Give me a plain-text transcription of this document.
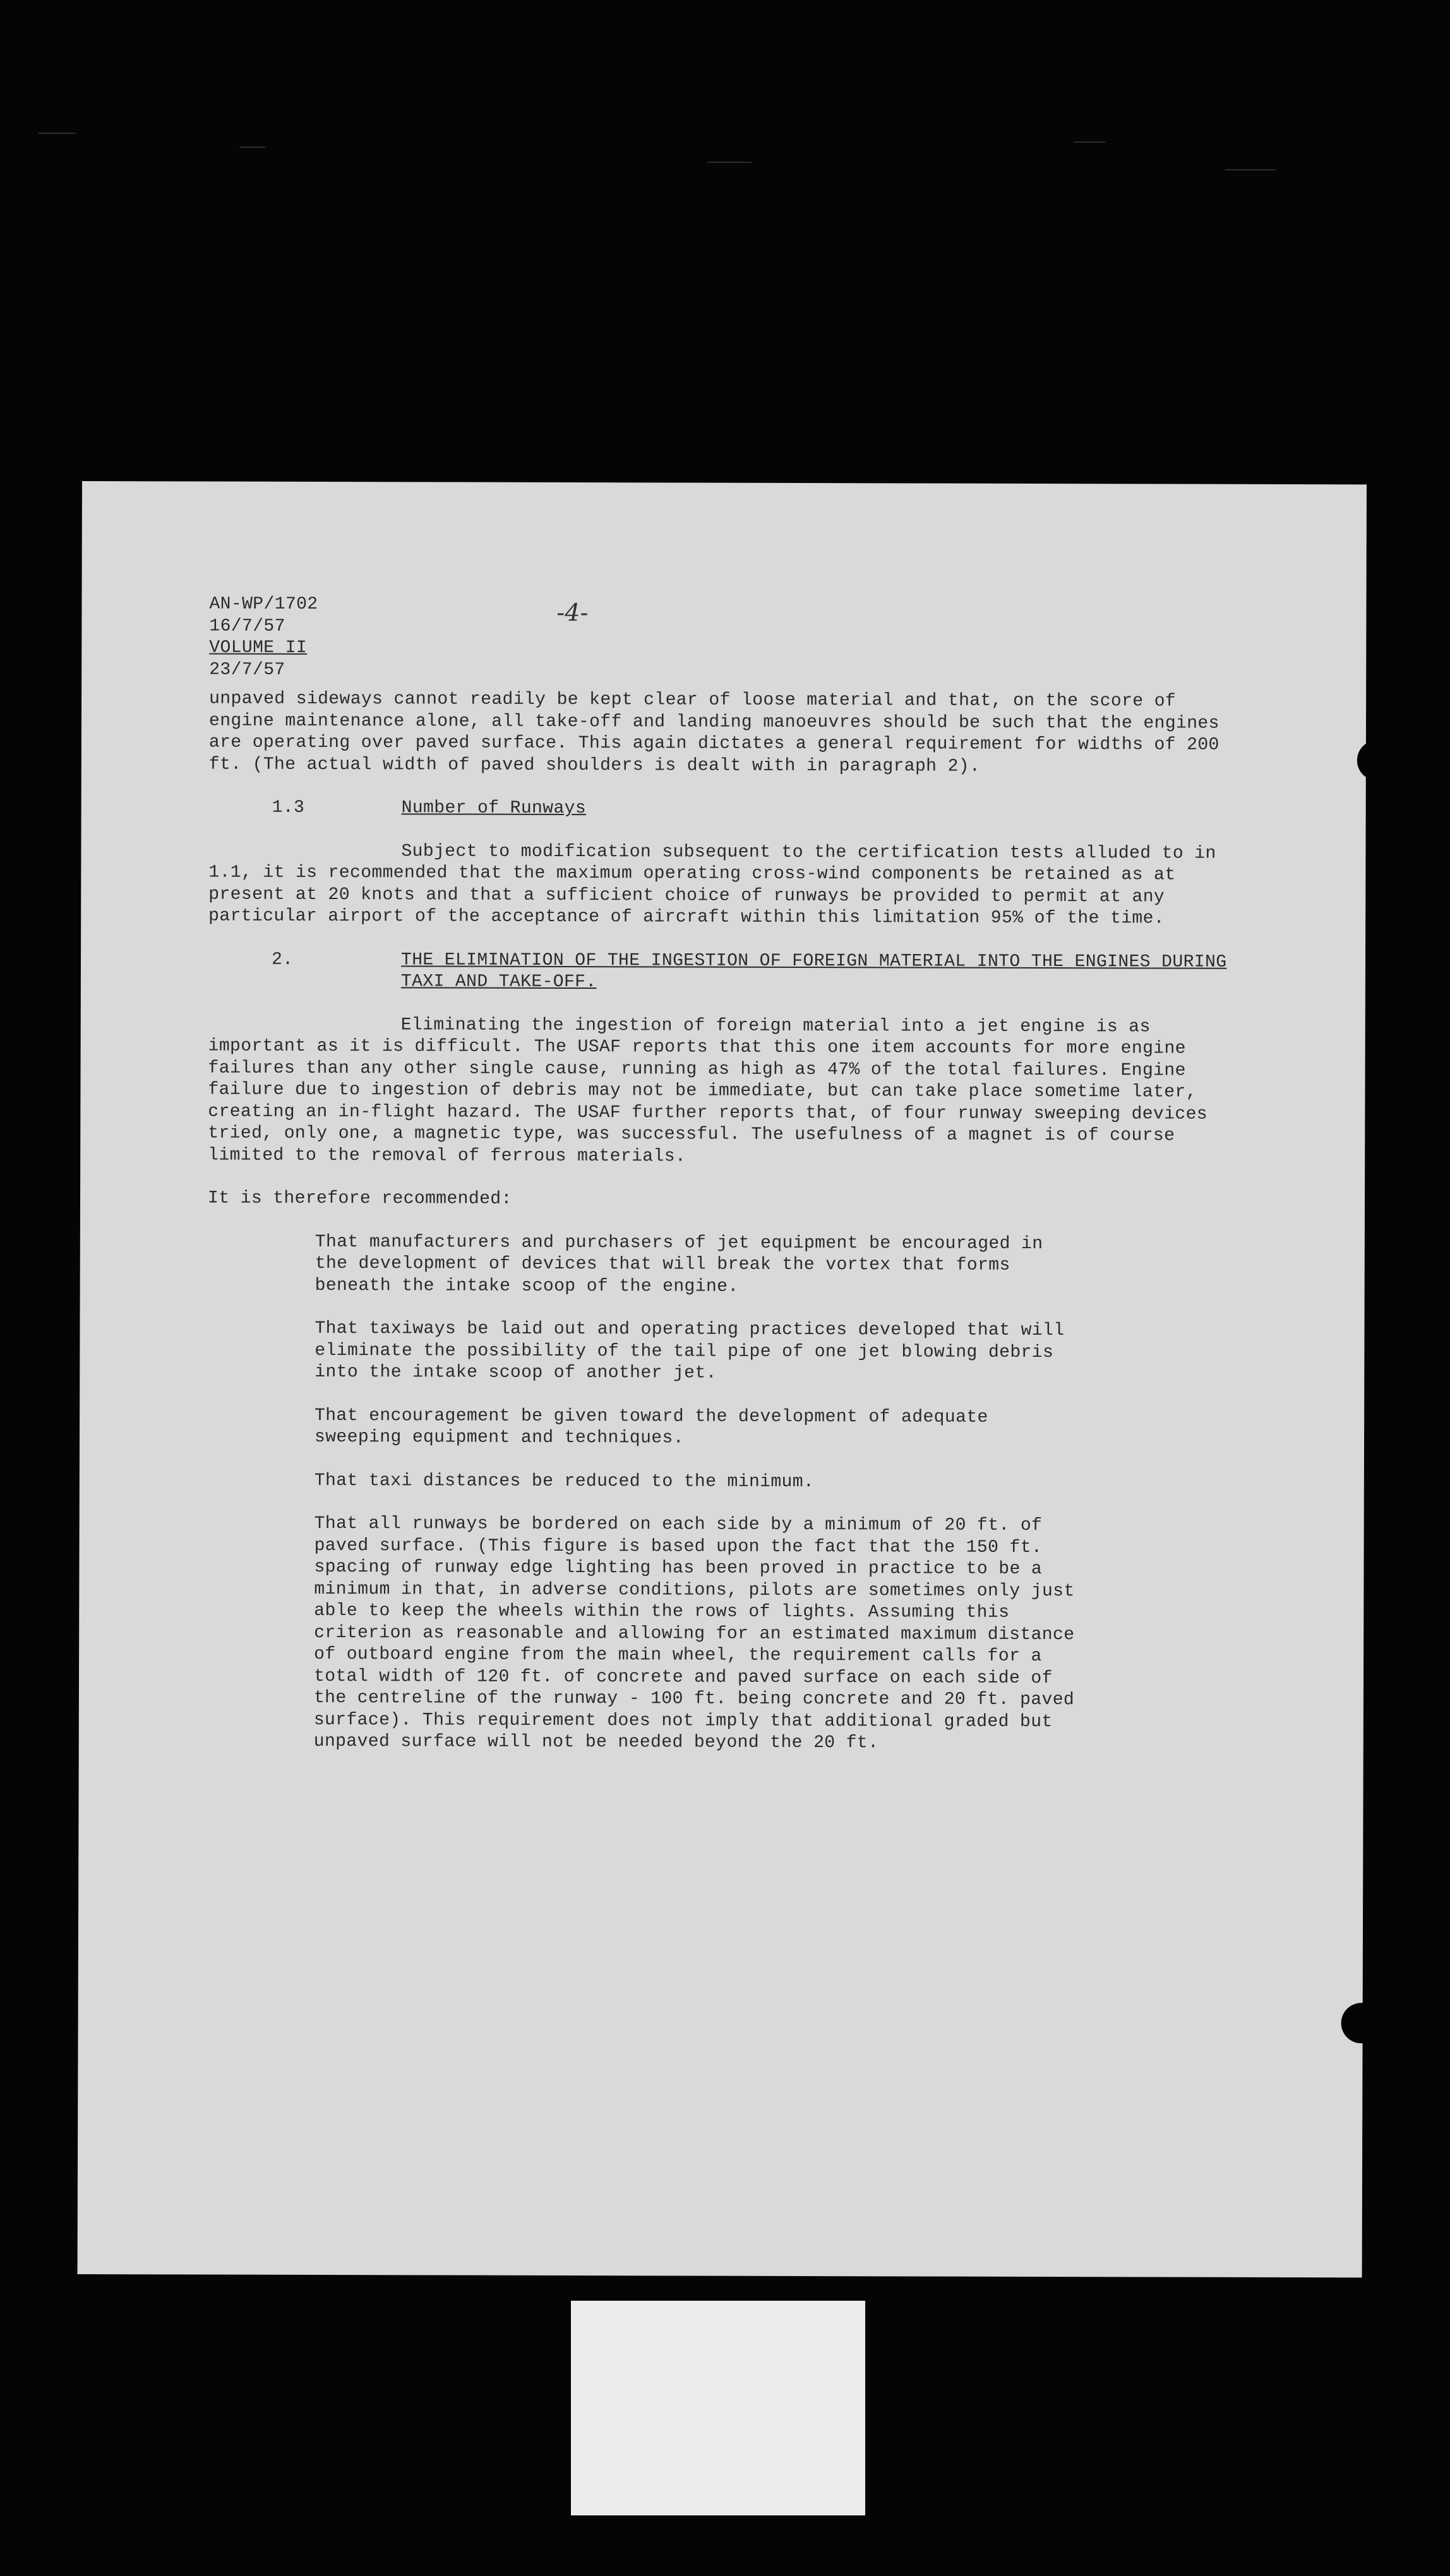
AN-WP/1702
16/7/57
VOLUME II
23/7/57
-4-

unpaved sideways cannot readily be kept clear of loose material and that, on the score of engine maintenance alone, all take-off and landing manoeuvres should be such that the engines are operating over paved surface. This again dictates a general requirement for widths of 200 ft. (The actual width of paved shoulders is dealt with in paragraph 2).

1.3	Number of Runways

Subject to modification subsequent to the certification tests alluded to in 1.1, it is recommended that the maximum operating cross-wind components be retained as at present at 20 knots and that a sufficient choice of runways be provided to permit at any particular airport of the acceptance of aircraft within this limitation 95% of the time.

2.	THE ELIMINATION OF THE INGESTION OF FOREIGN MATERIAL INTO THE ENGINES DURING TAXI AND TAKE-OFF.

Eliminating the ingestion of foreign material into a jet engine is as important as it is difficult. The USAF reports that this one item accounts for more engine failures than any other single cause, running as high as 47% of the total failures. Engine failure due to ingestion of debris may not be immediate, but can take place sometime later, creating an in-flight hazard. The USAF further reports that, of four runway sweeping devices tried, only one, a magnetic type, was successful. The usefulness of a magnet is of course limited to the removal of ferrous materials.

It is therefore recommended:

That manufacturers and purchasers of jet equipment be encouraged in the development of devices that will break the vortex that forms beneath the intake scoop of the engine.

That taxiways be laid out and operating practices developed that will eliminate the possibility of the tail pipe of one jet blowing debris into the intake scoop of another jet.

That encouragement be given toward the development of adequate sweeping equipment and techniques.

That taxi distances be reduced to the minimum.

That all runways be bordered on each side by a minimum of 20 ft. of paved surface. (This figure is based upon the fact that the 150 ft. spacing of runway edge lighting has been proved in practice to be a minimum in that, in adverse conditions, pilots are sometimes only just able to keep the wheels within the rows of lights. Assuming this criterion as reasonable and allowing for an estimated maximum distance of outboard engine from the main wheel, the requirement calls for a total width of 120 ft. of concrete and paved surface on each side of the centreline of the runway - 100 ft. being concrete and 20 ft. paved surface). This requirement does not imply that additional graded but unpaved surface will not be needed beyond the 20 ft.
